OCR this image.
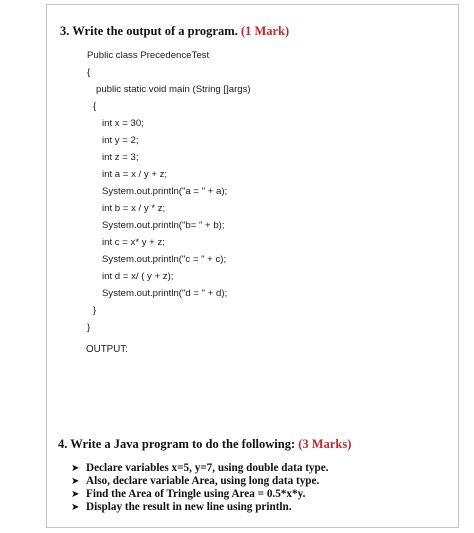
3. Write the output of a program. (1 Mark)
Public class PrecedenceTest
{
public static void main (String []args)
{
int x = 30;
int y = 2;
int z = 3;
int a = x / y + z;
System.out.println("a = " + a);
int b = x / y * z;
System.out.println("b= " + b);
int c = x* y + z;
System.out.println("c = " + c);
int d = x/ ( y + z);
System.out.println("d = " + d);
}
}
OUTPUT:
4. Write a Java program to do the following: (3 Marks)
➤ Declare variables x=5, y=7, using double data type.
➤ Also, declare variable Area, using long data type.
➤ Find the Area of Tringle using Area = 0.5*x*y.
➤ Display the result in new line using println.
